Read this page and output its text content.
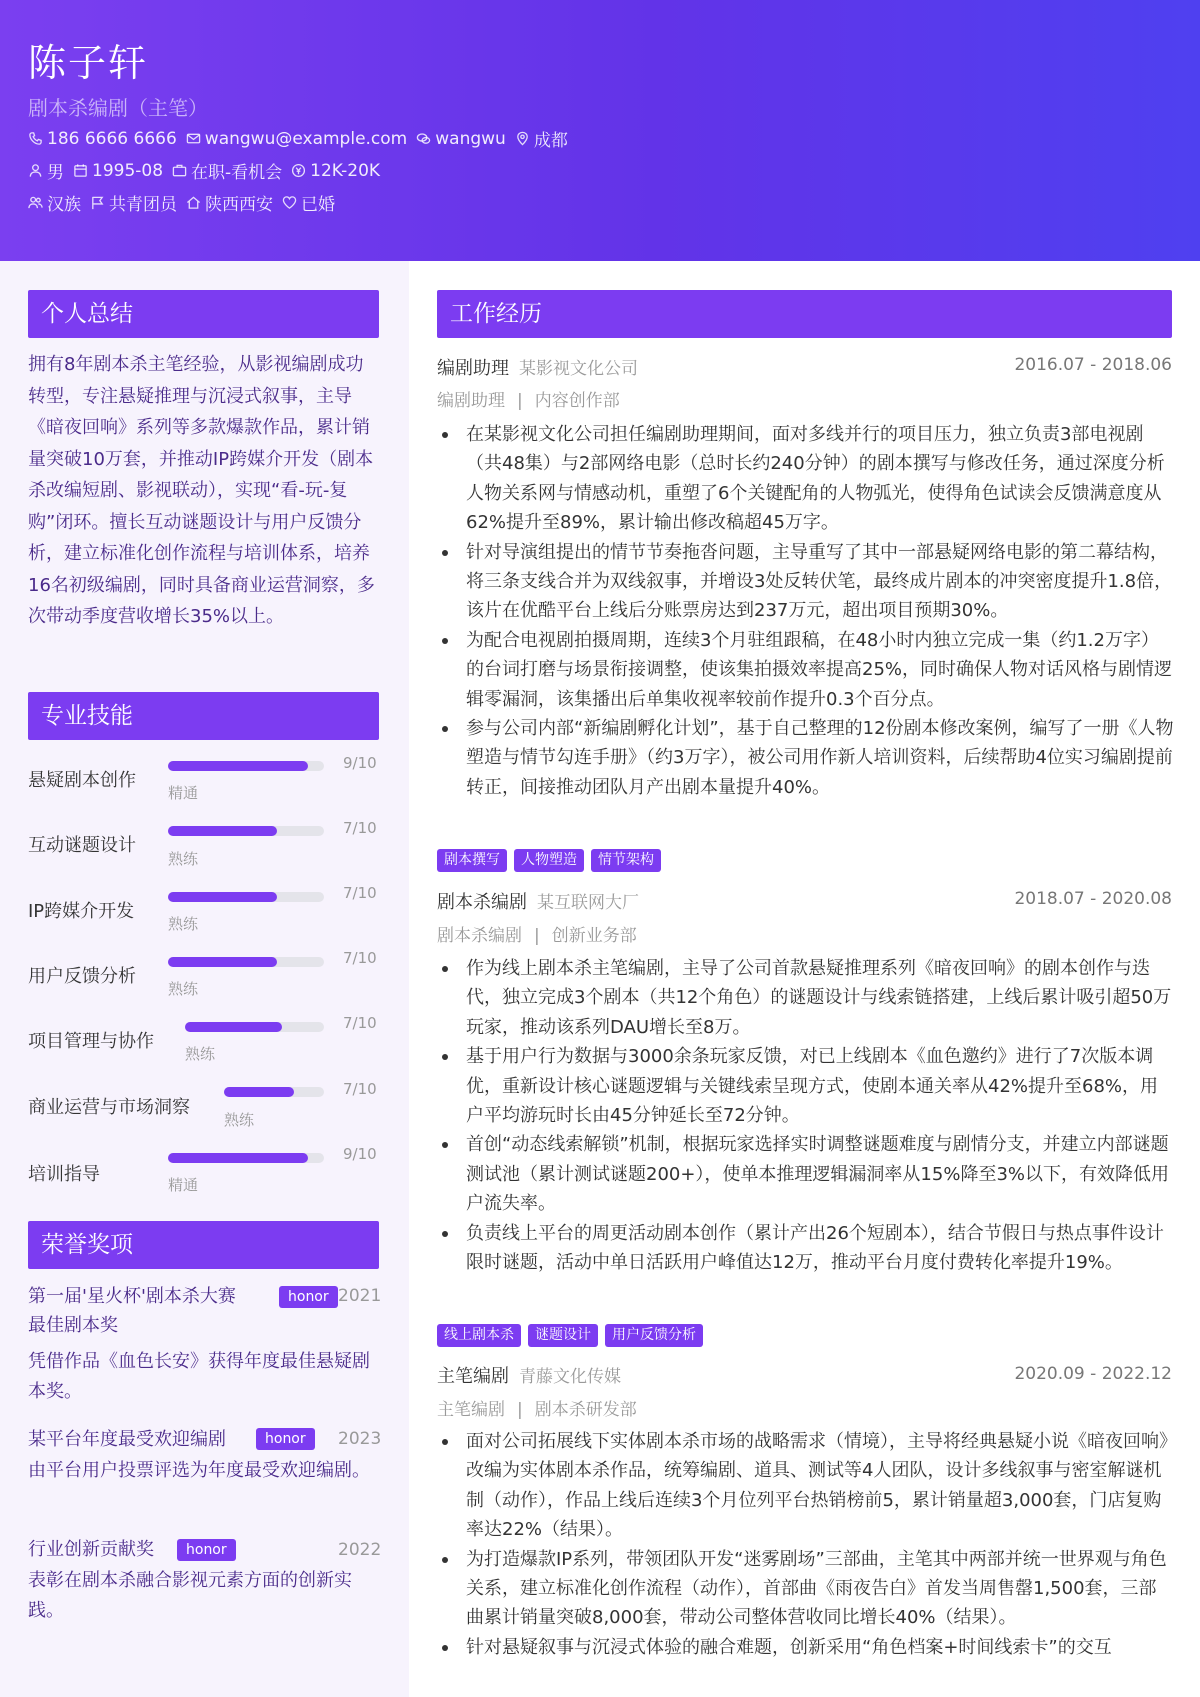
陈子轩
剧本杀编剧（主笔）
186 6666 6666 wangwu@example.com wangwu 成都
男 1995-08 在职-看机会 12K-20K
汉族 共青团员 陕西西安 已婚
个人总结
拥有8年剧本杀主笔经验，从影视编剧成功转型，专注悬疑推理与沉浸式叙事，主导《暗夜回响》系列等多款爆款作品，累计销量突破10万套，并推动IP跨媒介开发（剧本杀改编短剧、影视联动），实现“看-玩-复购”闭环。擅长互动谜题设计与用户反馈分析，建立标准化创作流程与培训体系，培养16名初级编剧，同时具备商业运营洞察，多次带动季度营收增长35%以上。
专业技能
悬疑剧本创作
9/10
精通
互动谜题设计
7/10
熟练
IP跨媒介开发
7/10
熟练
用户反馈分析
7/10
熟练
项目管理与协作
7/10
熟练
商业运营与市场洞察
7/10
熟练
培训指导
9/10
精通
荣誉奖项
第一届'星火杯'剧本杀大赛最佳剧本奖
honor 2021
凭借作品《血色长安》获得年度最佳悬疑剧本奖。
某平台年度最受欢迎编剧	honor	2023
由平台用户投票评选为年度最受欢迎编剧。
行业创新贡献奖	honor	2022
表彰在剧本杀融合影视元素方面的创新实践。
工作经历
编剧助理 某影视文化公司	2016.07 - 2018.06
编剧助理 | 内容创作部
在某影视文化公司担任编剧助理期间，面对多线并行的项目压力，独立负责3部电视剧（共48集）与2部网络电影（总时长约240分钟）的剧本撰写与修改任务，通过深度分析人物关系网与情感动机，重塑了6个关键配角的人物弧光，使得角色试读会反馈满意度从62%提升至89%，累计输出修改稿超45万字。
针对导演组提出的情节节奏拖沓问题，主导重写了其中一部悬疑网络电影的第二幕结构，将三条支线合并为双线叙事，并增设3处反转伏笔，最终成片剧本的冲突密度提升1.8倍，该片在优酷平台上线后分账票房达到237万元，超出项目预期30%。
为配合电视剧拍摄周期，连续3个月驻组跟稿，在48小时内独立完成一集（约1.2万字）的台词打磨与场景衔接调整，使该集拍摄效率提高25%，同时确保人物对话风格与剧情逻辑零漏洞，该集播出后单集收视率较前作提升0.3个百分点。
参与公司内部“新编剧孵化计划”，基于自己整理的12份剧本修改案例，编写了一册《人物塑造与情节勾连手册》（约3万字），被公司用作新人培训资料，后续帮助4位实习编剧提前转正，间接推动团队月产出剧本量提升40%。
剧本撰写	人物塑造	情节架构
剧本杀编剧 某互联网大厂	2018.07 - 2020.08
剧本杀编剧 | 创新业务部
作为线上剧本杀主笔编剧，主导了公司首款悬疑推理系列《暗夜回响》的剧本创作与迭代，独立完成3个剧本（共12个角色）的谜题设计与线索链搭建，上线后累计吸引超50万玩家，推动该系列DAU增长至8万。
基于用户行为数据与3000余条玩家反馈，对已上线剧本《血色邀约》进行了7次版本调优，重新设计核心谜题逻辑与关键线索呈现方式，使剧本通关率从42%提升至68%，用户平均游玩时长由45分钟延长至72分钟。
首创“动态线索解锁”机制，根据玩家选择实时调整谜题难度与剧情分支，并建立内部谜题测试池（累计测试谜题200+），使单本推理逻辑漏洞率从15%降至3%以下，有效降低用户流失率。
负责线上平台的周更活动剧本创作（累计产出26个短剧本），结合节假日与热点事件设计限时谜题，活动中单日活跃用户峰值达12万，推动平台月度付费转化率提升19%。
线上剧本杀	谜题设计	用户反馈分析
主笔编剧 青藤文化传媒	2020.09 - 2022.12
主笔编剧 | 剧本杀研发部
面对公司拓展线下实体剧本杀市场的战略需求（情境），主导将经典悬疑小说《暗夜回响》改编为实体剧本杀作品，统筹编剧、道具、测试等4人团队，设计多线叙事与密室解谜机制（动作），作品上线后连续3个月位列平台热销榜前5，累计销量超3,000套，门店复购率达22%（结果）。
为打造爆款IP系列，带领团队开发“迷雾剧场”三部曲，主笔其中两部并统一世界观与角色关系，建立标准化创作流程（动作），首部曲《雨夜告白》首发当周售罄1,500套，三部曲累计销量突破8,000套，带动公司整体营收同比增长40%（结果）。
针对悬疑叙事与沉浸式体验的融合难题，创新采用“角色档案+时间线索卡”的交互
